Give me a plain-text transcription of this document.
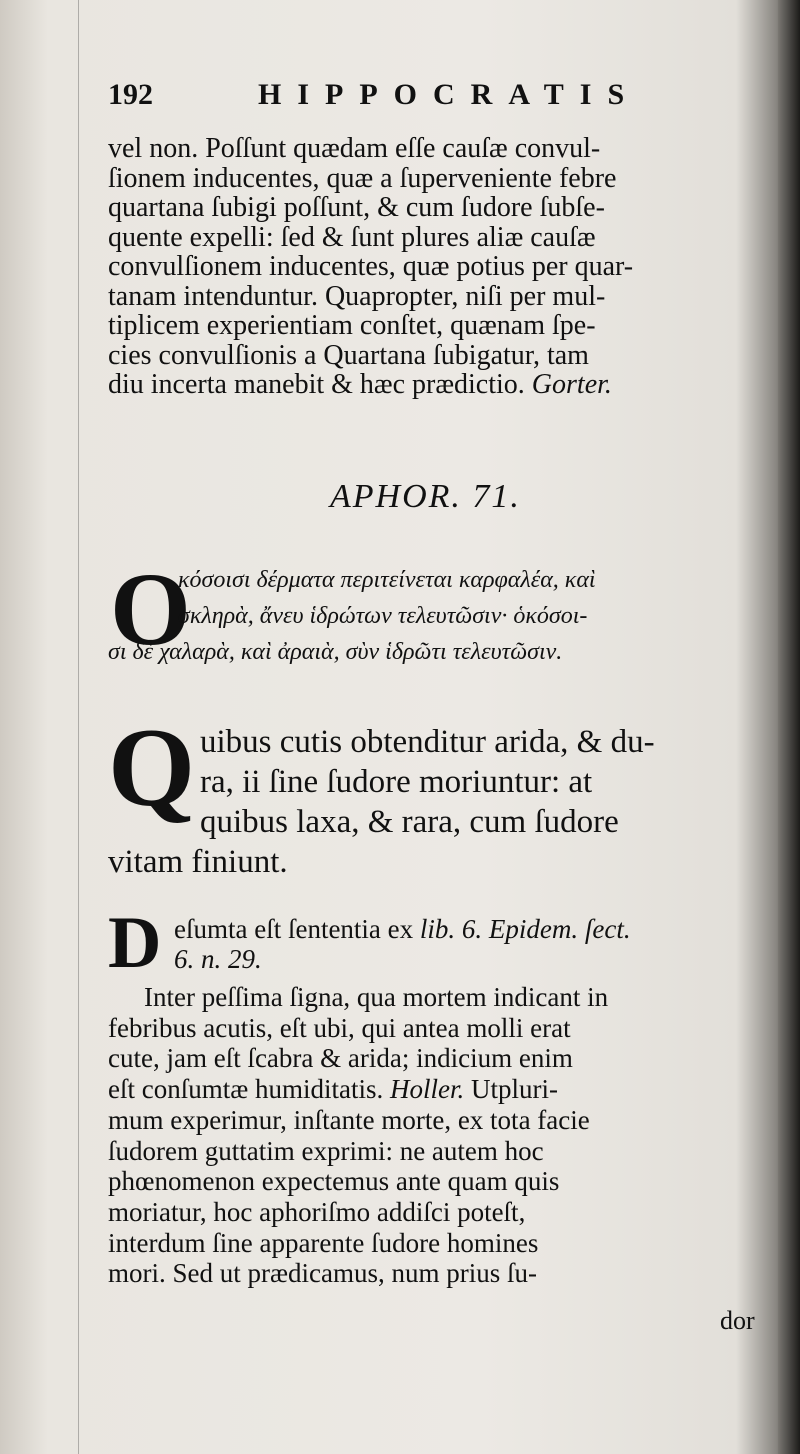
192	HIPPOCRATIS
vel non. Poſſunt quædam eſſe cauſæ convul-
ſionem inducentes, quæ a ſuperveniente febre
quartana ſubigi poſſunt, & cum ſudore ſubſe-
quente expelli: ſed & ſunt plures aliæ cauſæ
convulſionem inducentes, quæ potius per quar-
tanam intenduntur. Quapropter, niſi per mul-
tiplicem experientiam conſtet, quænam ſpe-
cies convulſionis a Quartana ſubigatur, tam
diu incerta manebit & hæc prædictio. Gorter.
APHOR. 71.
O
κόσοισι δέρματα περιτείνεται καρφαλέα, καὶ
σκληρὰ, ἄνευ ἱδρώτων τελευτῶσιν· ὁκόσοι-
σι δὲ χαλαρὰ, καὶ ἀραιὰ, σὺν ἱδρῶτι τελευτῶσιν.
Q uibus cutis obtenditur arida, & du-
ra, ii ſine ſudore moriuntur: at
quibus laxa, & rara, cum ſudore
vitam finiunt.
D eſumta eſt ſententia ex lib. 6. Epidem. ſect.
6. n. 29.
Inter peſſima ſigna, qua mortem indicant in
febribus acutis, eſt ubi, qui antea molli erat
cute, jam eſt ſcabra & arida; indicium enim
eſt conſumtæ humiditatis. Holler. Utpluri-
mum experimur, inſtante morte, ex tota facie
ſudorem guttatim exprimi: ne autem hoc
phœnomenon expectemus ante quam quis
moriatur, hoc aphoriſmo addiſci poteſt,
interdum ſine apparente ſudore homines
mori. Sed ut prædicamus, num prius ſu-
dor
